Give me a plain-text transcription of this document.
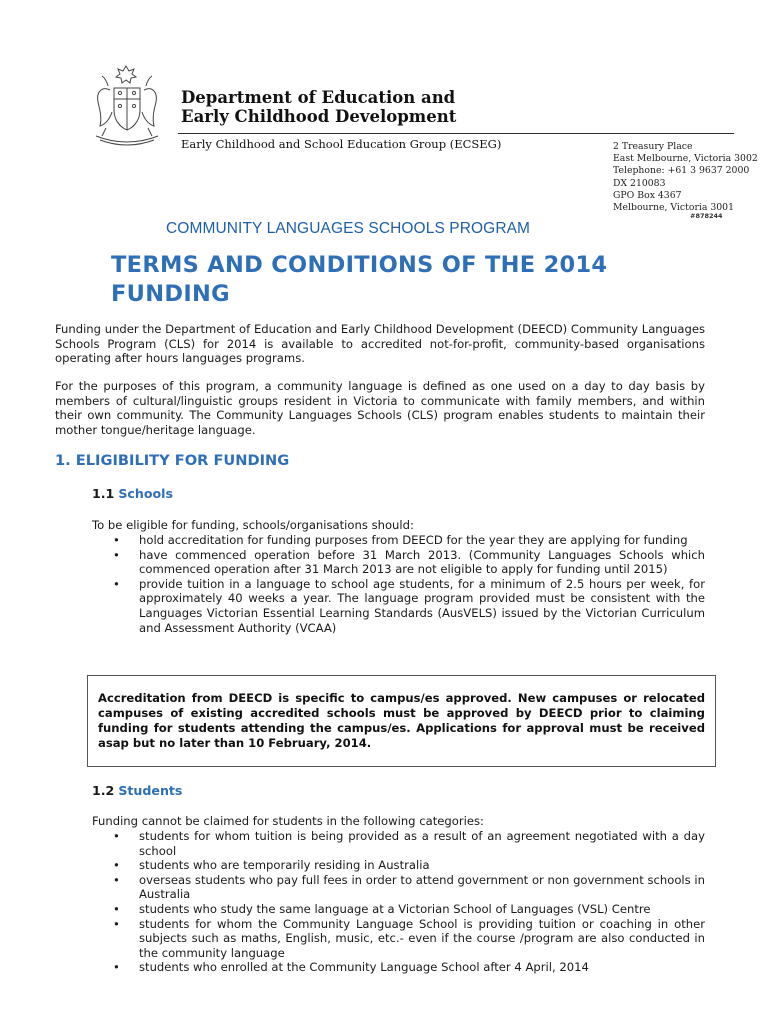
Department of Education and
Early Childhood Development
Early Childhood and School Education Group (ECSEG)	2 Treasury Place
East Melbourne, Victoria 3002
Telephone: +61 3 9637 2000
DX 210083
GPO Box 4367
Melbourne, Victoria 3001
#878244
COMMUNITY LANGUAGES SCHOOLS PROGRAM
TERMS AND CONDITIONS OF THE 2014 FUNDING

Funding under the Department of Education and Early Childhood Development (DEECD) Community Languages Schools Program (CLS) for 2014 is available to accredited not-for-profit, community-based organisations operating after hours languages programs.

For the purposes of this program, a community language is defined as one used on a day to day basis by members of cultural/linguistic groups resident in Victoria to communicate with family members, and within their own community. The Community Languages Schools (CLS) program enables students to maintain their mother tongue/heritage language.

1. ELIGIBILITY FOR FUNDING
1.1 Schools

To be eligible for funding, schools/organisations should:

• hold accreditation for funding purposes from DEECD for the year they are applying for funding
• have commenced operation before 31 March 2013. (Community Languages Schools which commenced operation after 31 March 2013 are not eligible to apply for funding until 2015)
• provide tuition in a language to school age students, for a minimum of 2.5 hours per week, for approximately 40 weeks a year. The language program provided must be consistent with the Languages Victorian Essential Learning Standards (AusVELS) issued by the Victorian Curriculum and Assessment Authority (VCAA)

Accreditation from DEECD is specific to campus/es approved. New campuses or relocated campuses of existing accredited schools must be approved by DEECD prior to claiming funding for students attending the campus/es. Applications for approval must be received asap but no later than 10 February, 2014.

1.2 Students

Funding cannot be claimed for students in the following categories:

• students for whom tuition is being provided as a result of an agreement negotiated with a day school
• students who are temporarily residing in Australia
• overseas students who pay full fees in order to attend government or non government schools in Australia
• students who study the same language at a Victorian School of Languages (VSL) Centre
• students for whom the Community Language School is providing tuition or coaching in other subjects such as maths, English, music, etc.- even if the course /program are also conducted in the community language
• students who enrolled at the Community Language School after 4 April, 2014
